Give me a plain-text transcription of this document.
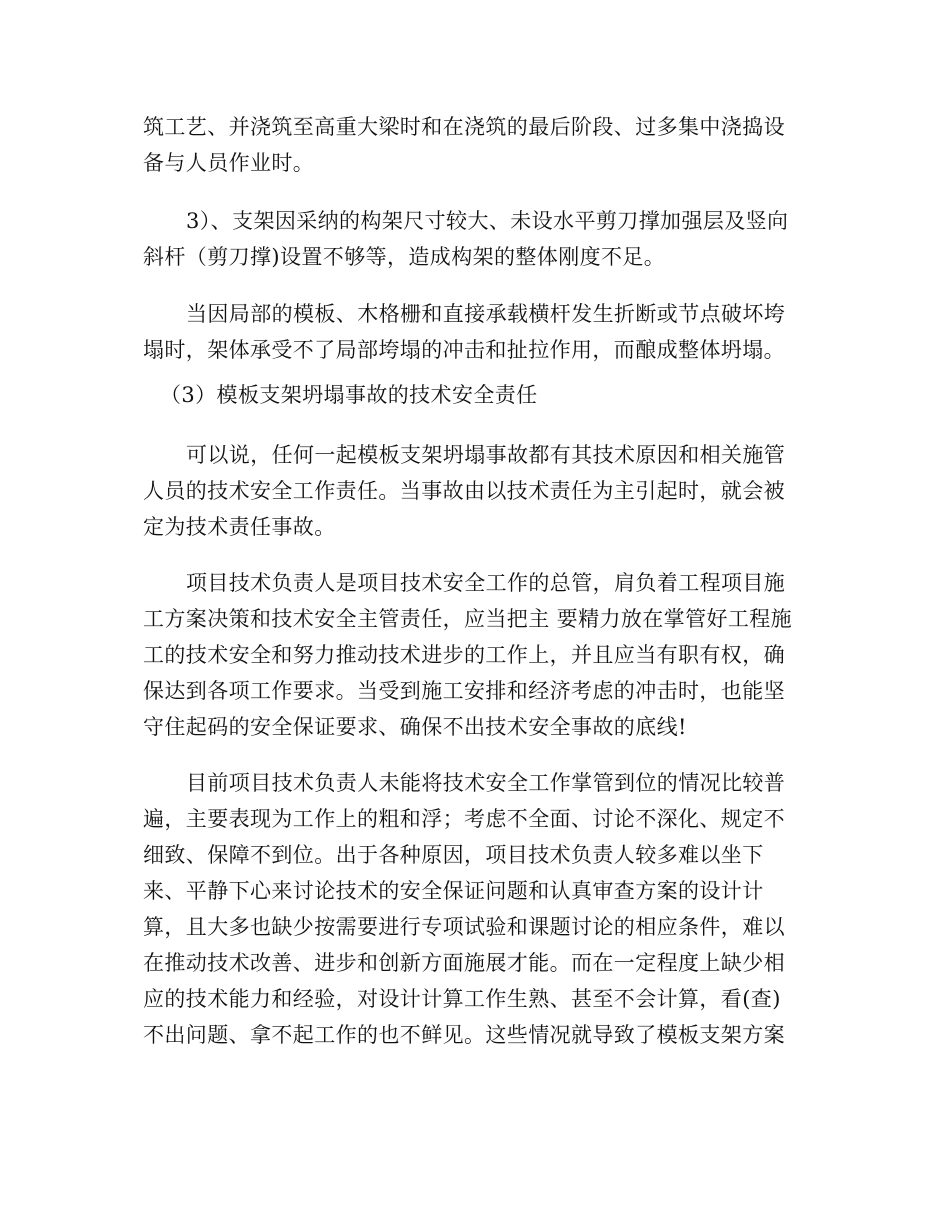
筑工艺、并浇筑至高重大梁时和在浇筑的最后阶段、过多集中浇捣设
备与人员作业时。
3）、支架因采纳的构架尺寸较大、未设水平剪刀撑加强层及竖向
斜杆（剪刀撑)设置不够等，造成构架的整体刚度不足。
当因局部的模板、木格栅和直接承载横杆发生折断或节点破坏垮
塌时，架体承受不了局部垮塌的冲击和扯拉作用，而酿成整体坍塌。
（3）模板支架坍塌事故的技术安全责任
可以说，任何一起模板支架坍塌事故都有其技术原因和相关施管
人员的技术安全工作责任。当事故由以技术责任为主引起时，就会被
定为技术责任事故。
项目技术负责人是项目技术安全工作的总管，肩负着工程项目施
工方案决策和技术安全主管责任，应当把主 要精力放在掌管好工程施
工的技术安全和努力推动技术进步的工作上，并且应当有职有权，确
保达到各项工作要求。当受到施工安排和经济考虑的冲击时，也能坚
守住起码的安全保证要求、确保不出技术安全事故的底线!
目前项目技术负责人未能将技术安全工作掌管到位的情况比较普
遍，主要表现为工作上的粗和浮；考虑不全面、讨论不深化、规定不
细致、保障不到位。出于各种原因，项目技术负责人较多难以坐下
来、平静下心来讨论技术的安全保证问题和认真审查方案的设计计
算，且大多也缺少按需要进行专项试验和课题讨论的相应条件，难以
在推动技术改善、进步和创新方面施展才能。而在一定程度上缺少相
应的技术能力和经验，对设计计算工作生熟、甚至不会计算，看(查)
不出问题、拿不起工作的也不鲜见。这些情况就导致了模板支架方案
